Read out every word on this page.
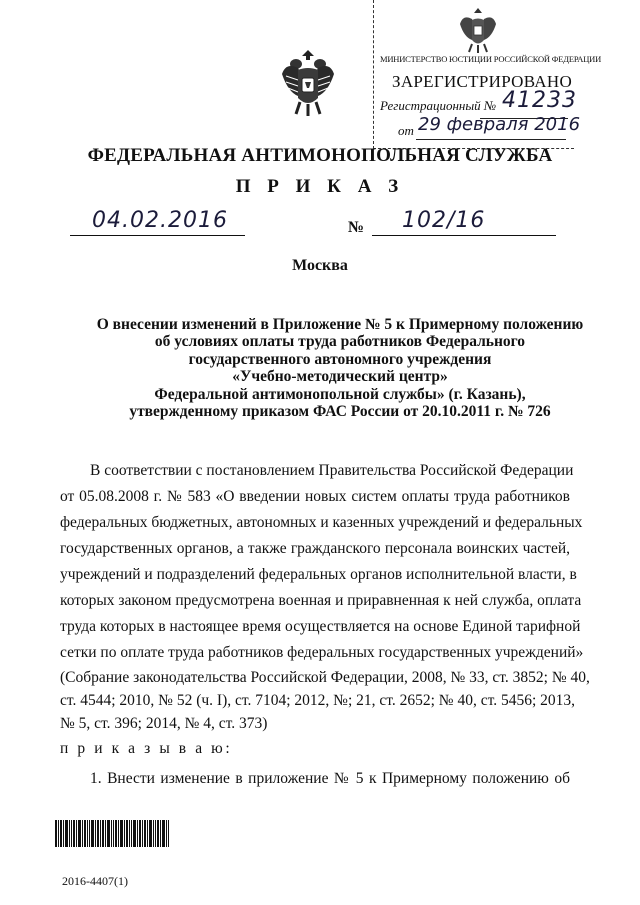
МИНИСТЕРСТВО ЮСТИЦИИ РОССИЙСКОЙ ФЕДЕРАЦИИ
ЗАРЕГИСТРИРОВАНО
Регистрационный № 41233
от 29 февраля 2016
ФЕДЕРАЛЬНАЯ АНТИМОНОПОЛЬНАЯ СЛУЖБА
П Р И К А З
04.02.2016	№ 102/16
Москва
О внесении изменений в Приложение № 5 к Примерному положению
об условиях оплаты труда работников Федерального
государственного автономного учреждения
«Учебно-методический центр»
Федеральной антимонопольной службы» (г. Казань),
утвержденному приказом ФАС России от 20.10.2011 г. № 726
В соответствии с постановлением Правительства Российской Федерации
от 05.08.2008 г. № 583 «О введении новых систем оплаты труда работников
федеральных бюджетных, автономных и казенных учреждений и федеральных
государственных органов, а также гражданского персонала воинских частей,
учреждений и подразделений федеральных органов исполнительной власти, в
которых законом предусмотрена военная и приравненная к ней служба, оплата
труда которых в настоящее время осуществляется на основе Единой тарифной
сетки по оплате труда работников федеральных государственных учреждений»
(Собрание законодательства Российской Федерации, 2008, № 33, ст. 3852; № 40,
ст. 4544; 2010, № 52 (ч. I), ст. 7104; 2012, №; 21, ст. 2652; № 40, ст. 5456; 2013,
№ 5, ст. 396; 2014, № 4, ст. 373)
п р и к а з ы в а ю:
1. Внести изменение в приложение № 5 к Примерному положению об
2016-4407(1)
